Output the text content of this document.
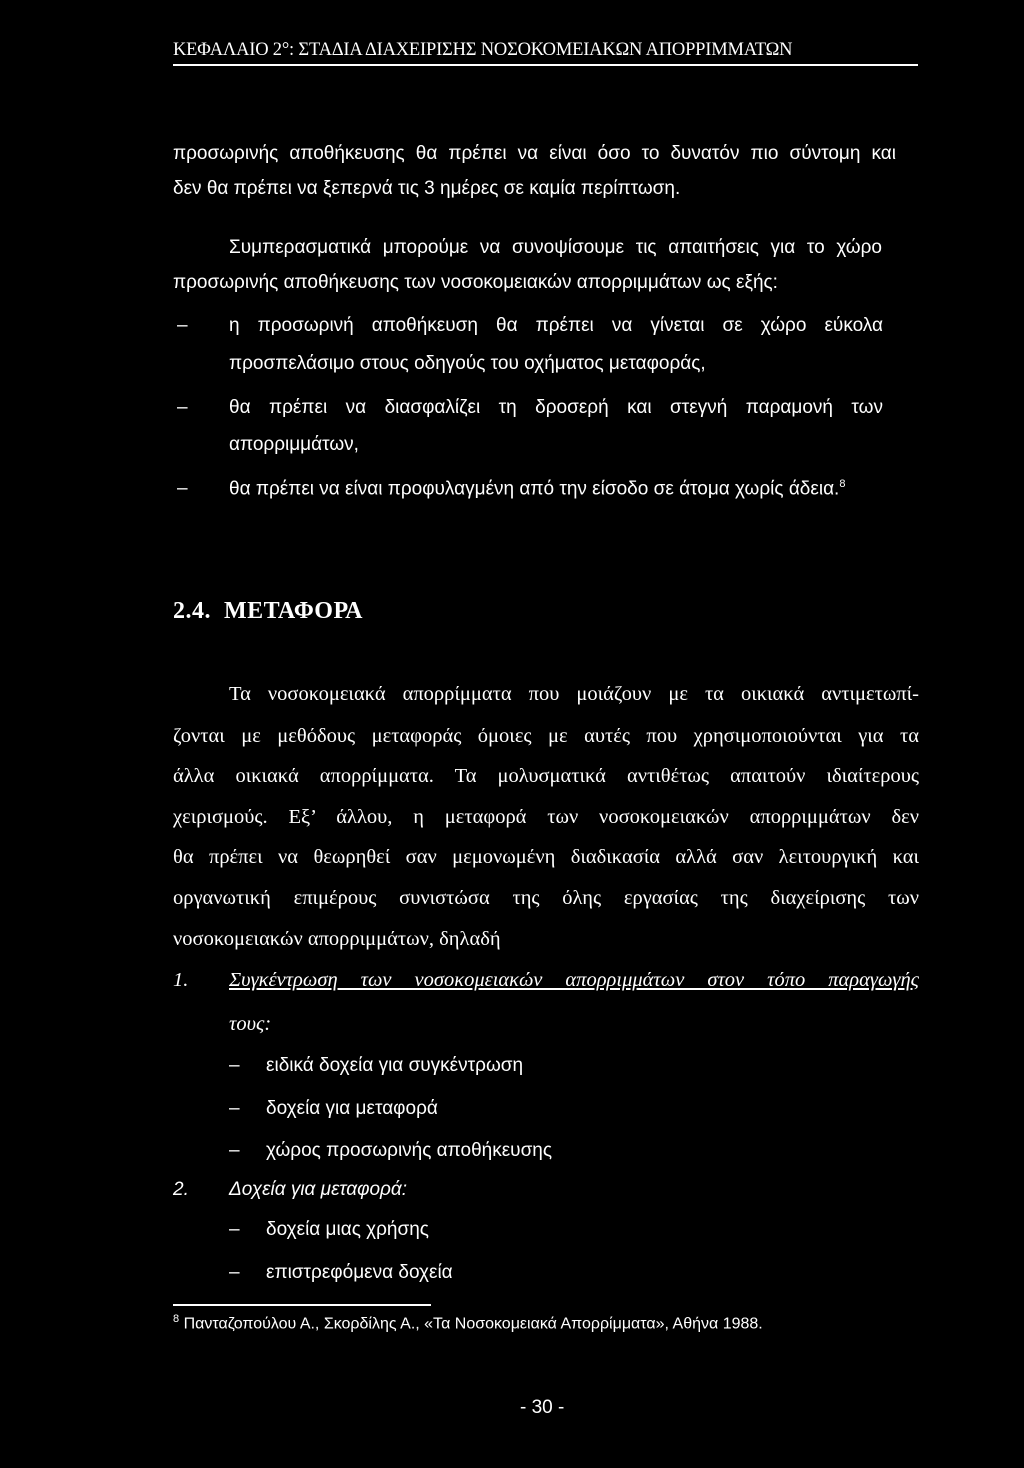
ΚΕΦΑΛΑΙΟ 2°: ΣΤΑΔΙΑ ΔΙΑΧΕΙΡΙΣΗΣ ΝΟΣΟΚΟΜΕΙΑΚΩΝ ΑΠΟΡΡΙΜΜΑΤΩΝ
προσωρινής αποθήκευσης θα πρέπει να είναι όσο το δυνατόν πιο σύντομη και
δεν θα πρέπει να ξεπερνά τις 3 ημέρες σε καμία περίπτωση.
Συμπερασματικά μπορούμε να συνοψίσουμε τις απαιτήσεις για το χώρο
προσωρινής αποθήκευσης των νοσοκομειακών απορριμμάτων ως εξής:
– η προσωρινή αποθήκευση θα πρέπει να γίνεται σε χώρο εύκολα
προσπελάσιμο στους οδηγούς του οχήματος μεταφοράς,
– θα πρέπει να διασφαλίζει τη δροσερή και στεγνή παραμονή των
απορριμμάτων,
– θα πρέπει να είναι προφυλαγμένη από την είσοδο σε άτομα χωρίς άδεια.$^8$
2.4. ΜΕΤΑΦΟΡΑ
Τα νοσοκομειακά απορρίμματα που μοιάζουν με τα οικιακά αντιμετωπί-
ζονται με μεθόδους μεταφοράς όμοιες με αυτές που χρησιμοποιούνται για τα
άλλα οικιακά απορρίμματα. Τα μολυσματικά αντιθέτως απαιτούν ιδιαίτερους
χειρισμούς. Εξ’ άλλου, η μεταφορά των νοσοκομειακών απορριμμάτων δεν
θα πρέπει να θεωρηθεί σαν μεμονωμένη διαδικασία αλλά σαν λειτουργική και
οργανωτική επιμέρους συνιστώσα της όλης εργασίας της διαχείρισης των
νοσοκομειακών απορριμμάτων, δηλαδή
1. Συγκέντρωση των νοσοκομειακών απορριμμάτων στον τόπο παραγωγής
τους:
– ειδικά δοχεία για συγκέντρωση
– δοχεία για μεταφορά
– χώρος προσωρινής αποθήκευσης
2. Δοχεία για μεταφορά:
– δοχεία μιας χρήσης
– επιστρεφόμενα δοχεία
$^8$ Πανταζοπούλου Α., Σκορδίλης Α., «Τα Νοσοκομειακά Απορρίμματα», Αθήνα 1988.
- 30 -
